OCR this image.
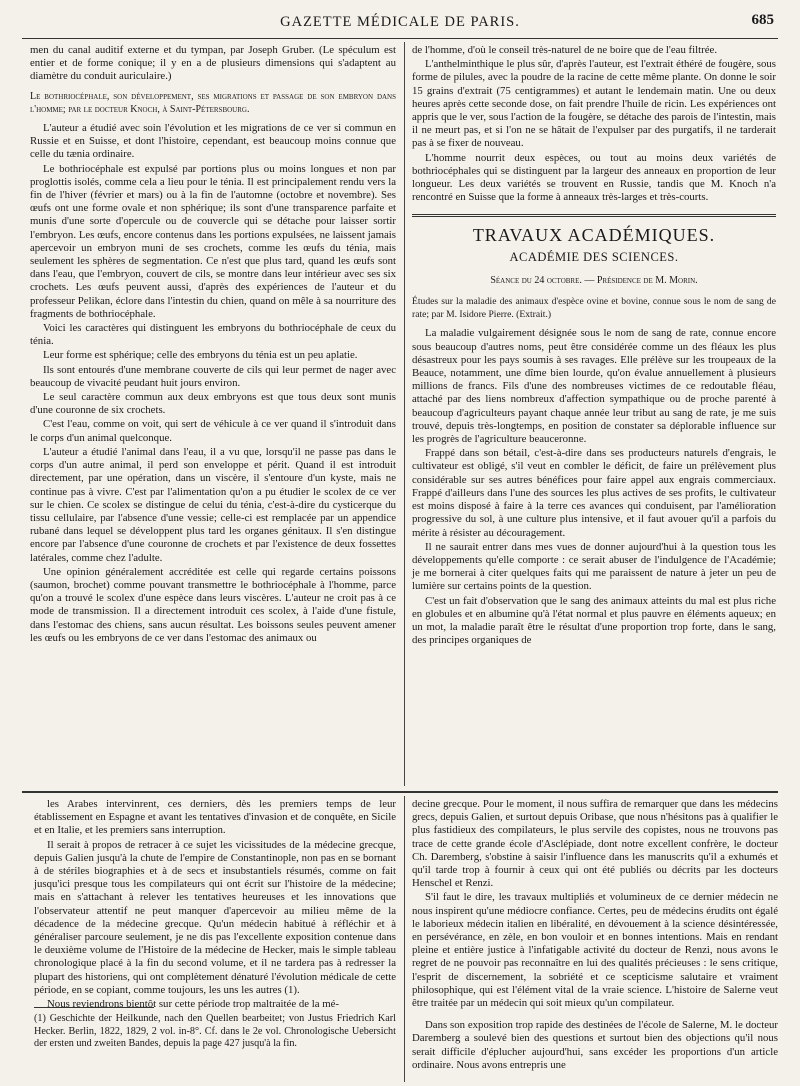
GAZETTE MÉDICALE DE PARIS.	685

men du canal auditif externe et du tympan, par Joseph Gruber. (Le spéculum est entier et de forme conique; il y en a de plusieurs dimensions qui s'adaptent au diamètre du conduit auriculaire.)

Le bothriocéphale, son développement, ses migrations et passage de son embryon dans l'homme; par le docteur Knoch, à Saint-Pétersbourg.

L'auteur a étudié avec soin l'évolution et les migrations de ce ver si commun en Russie et en Suisse, et dont l'histoire, cependant, est beaucoup moins connue que celle du tænia ordinaire.

Le bothriocéphale est expulsé par portions plus ou moins longues et non par proglottis isolés, comme cela a lieu pour le ténia. Il est principalement rendu vers la fin de l'hiver (février et mars) ou à la fin de l'automne (octobre et novembre). Ses œufs ont une forme ovale et non sphérique; ils sont d'une transparence parfaite et munis d'une sorte d'opercule ou de couvercle qui se détache pour laisser sortir l'embryon. Les œufs, encore contenus dans les portions expulsées, ne laissent jamais apercevoir un embryon muni de ses crochets, comme les œufs du ténia, mais seulement les sphères de segmentation. Ce n'est que plus tard, quand les œufs sont dans l'eau, que l'embryon, couvert de cils, se montre dans leur intérieur avec ses six crochets. Les œufs peuvent aussi, d'après des expériences de l'auteur et du professeur Pelikan, éclore dans l'intestin du chien, quand on mêle à sa nourriture des fragments de bothriocéphale.

Voici les caractères qui distinguent les embryons du bothriocéphale de ceux du ténia.

Leur forme est sphérique; celle des embryons du ténia est un peu aplatie.

Ils sont entourés d'une membrane couverte de cils qui leur permet de nager avec beaucoup de vivacité peudant huit jours environ.

Le seul caractère commun aux deux embryons est que tous deux sont munis d'une couronne de six crochets.

C'est l'eau, comme on voit, qui sert de véhicule à ce ver quand il s'introduit dans le corps d'un animal quelconque.

L'auteur a étudié l'animal dans l'eau, il a vu que, lorsqu'il ne passe pas dans le corps d'un autre animal, il perd son enveloppe et périt. Quand il est introduit directement, par une opération, dans un viscère, il s'entoure d'un kyste, mais ne continue pas à vivre. C'est par l'alimentation qu'on a pu étudier le scolex de ce ver sur le chien. Ce scolex se distingue de celui du ténia, c'est-à-dire du cysticerque du tissu cellulaire, par l'absence d'une vessie; celle-ci est remplacée par un appendice rubané dans lequel se développent plus tard les organes génitaux. Il s'en distingue encore par l'absence d'une couronne de crochets et par l'existence de deux fossettes latérales, comme chez l'adulte.

Une opinion généralement accréditée est celle qui regarde certains poissons (saumon, brochet) comme pouvant transmettre le bothriocéphale à l'homme, parce qu'on a trouvé le scolex d'une espèce dans leurs viscères. L'auteur ne croit pas à ce mode de transmission. Il a directement introduit ces scolex, à l'aide d'une fistule, dans l'estomac des chiens, sans aucun résultat. Les boissons seules peuvent amener les œufs ou les embryons de ce ver dans l'estomac des animaux ou

de l'homme, d'où le conseil très-naturel de ne boire que de l'eau filtrée.

L'anthelminthique le plus sûr, d'après l'auteur, est l'extrait éthéré de fougère, sous forme de pilules, avec la poudre de la racine de cette même plante. On donne le soir 15 grains d'extrait (75 centigrammes) et autant le lendemain matin. Une ou deux heures après cette seconde dose, on fait prendre l'huile de ricin. Les expériences ont appris que le ver, sous l'action de la fougère, se détache des parois de l'intestin, mais il ne meurt pas, et si l'on ne se hâtait de l'expulser par des purgatifs, il ne tarderait pas à se fixer de nouveau.

L'homme nourrit deux espèces, ou tout au moins deux variétés de bothriocéphales qui se distinguent par la largeur des anneaux en proportion de leur longueur. Les deux variétés se trouvent en Russie, tandis que M. Knoch n'a rencontré en Suisse que la forme à anneaux très-larges et très-courts.

TRAVAUX ACADÉMIQUES.

ACADÉMIE DES SCIENCES.

Séance du 24 octobre. — Présidence de M. Morin.

Études sur la maladie des animaux d'espèce ovine et bovine, connue sous le nom de sang de rate; par M. Isidore Pierre. (Extrait.)

La maladie vulgairement désignée sous le nom de sang de rate, connue encore sous beaucoup d'autres noms, peut être considérée comme un des fléaux les plus désastreux pour les pays soumis à ses ravages. Elle prélève sur les troupeaux de la Beauce, notamment, une dîme bien lourde, qu'on évalue annuellement à plusieurs millions de francs. Fils d'une des nombreuses victimes de ce redoutable fléau, attaché par des liens nombreux d'affection sympathique ou de proche parenté à beaucoup d'agriculteurs payant chaque année leur tribut au sang de rate, je me suis trouvé, depuis très-longtemps, en position de constater sa déplorable influence sur les progrès de l'agriculture beauceronne.

Frappé dans son bétail, c'est-à-dire dans ses producteurs naturels d'engrais, le cultivateur est obligé, s'il veut en combler le déficit, de faire un prélèvement plus considérable sur ses autres bénéfices pour faire appel aux engrais commerciaux. Frappé d'ailleurs dans l'une des sources les plus actives de ses profits, le cultivateur est moins disposé à faire à la terre ces avances qui conduisent, par l'amélioration progressive du sol, à une culture plus intensive, et il faut avouer qu'il a parfois du mérite à résister au découragement.

Il ne saurait entrer dans mes vues de donner aujourd'hui à la question tous les développements qu'elle comporte : ce serait abuser de l'indulgence de l'Académie; je me bornerai à citer quelques faits qui me paraissent de nature à jeter un peu de lumière sur certains points de la question.

C'est un fait d'observation que le sang des animaux atteints du mal est plus riche en globules et en albumine qu'à l'état normal et plus pauvre en éléments aqueux; en un mot, la maladie paraît être le résultat d'une proportion trop forte, dans le sang, des principes organiques de

les Arabes intervinrent, ces derniers, dès les premiers temps de leur établissement en Espagne et avant les tentatives d'invasion et de conquête, en Sicile et en Italie, et les premiers sans interruption.

Il serait à propos de retracer à ce sujet les vicissitudes de la médecine grecque, depuis Galien jusqu'à la chute de l'empire de Constantinople, non pas en se bornant à de stériles biographies et à de secs et insubstantiels résumés, comme on fait jusqu'ici presque tous les compilateurs qui ont écrit sur l'histoire de la médecine; mais en s'attachant à relever les tentatives heureuses et les innovations que l'observateur attentif ne peut manquer d'apercevoir au milieu même de la décadence de la médecine grecque. Qu'un médecin habitué à réfléchir et à généraliser parcoure seulement, je ne dis pas l'excellente exposition contenue dans le deuxième volume de l'Histoire de la médecine de Hecker, mais le simple tableau chronologique placé à la fin du second volume, et il ne tardera pas à redresser la plupart des historiens, qui ont complètement dénaturé l'évolution médicale de cette période, en se copiant, comme toujours, les uns les autres (1).

Nous reviendrons bientôt sur cette période trop maltraitée de la mé-

(1) Geschichte der Heilkunde, nach den Quellen bearbeitet; von Justus Friedrich Karl Hecker. Berlin, 1822, 1829, 2 vol. in-8°. Cf. dans le 2e vol. Chronologische Uebersicht der ersten und zweiten Bandes, depuis la page 427 jusqu'à la fin.

decine grecque. Pour le moment, il nous suffira de remarquer que dans les médecins grecs, depuis Galien, et surtout depuis Oribase, que nous n'hésitons pas à qualifier le plus fastidieux des compilateurs, le plus servile des copistes, nous ne trouvons pas trace de cette grande école d'Asclépiade, dont notre excellent confrère, le docteur Ch. Daremberg, s'obstine à saisir l'influence dans les manuscrits qu'il a exhumés et qu'il tarde trop à fournir à ceux qui ont été publiés ou décrits par les docteurs Henschel et Renzi.

S'il faut le dire, les travaux multipliés et volumineux de ce dernier médecin ne nous inspirent qu'une médiocre confiance. Certes, peu de médecins érudits ont égalé le laborieux médecin italien en libéralité, en dévouement à la science désintéressée, en persévérance, en zèle, en bon vouloir et en bonnes intentions. Mais en rendant pleine et entière justice à l'infatigable activité du docteur de Renzi, nous avons le regret de ne pouvoir pas reconnaître en lui des qualités précieuses : le sens critique, l'esprit de discernement, la sobriété et ce scepticisme salutaire et vraiment philosophique, qui est l'élément vital de la vraie science. L'histoire de Salerne veut être traitée par un médecin qui soit mieux qu'un compilateur.

Dans son exposition trop rapide des destinées de l'école de Salerne, M. le docteur Daremberg a soulevé bien des questions et surtout bien des objections qu'il nous serait difficile d'éplucher aujourd'hui, sans excéder les proportions d'un article ordinaire. Nous avons entrepris une
